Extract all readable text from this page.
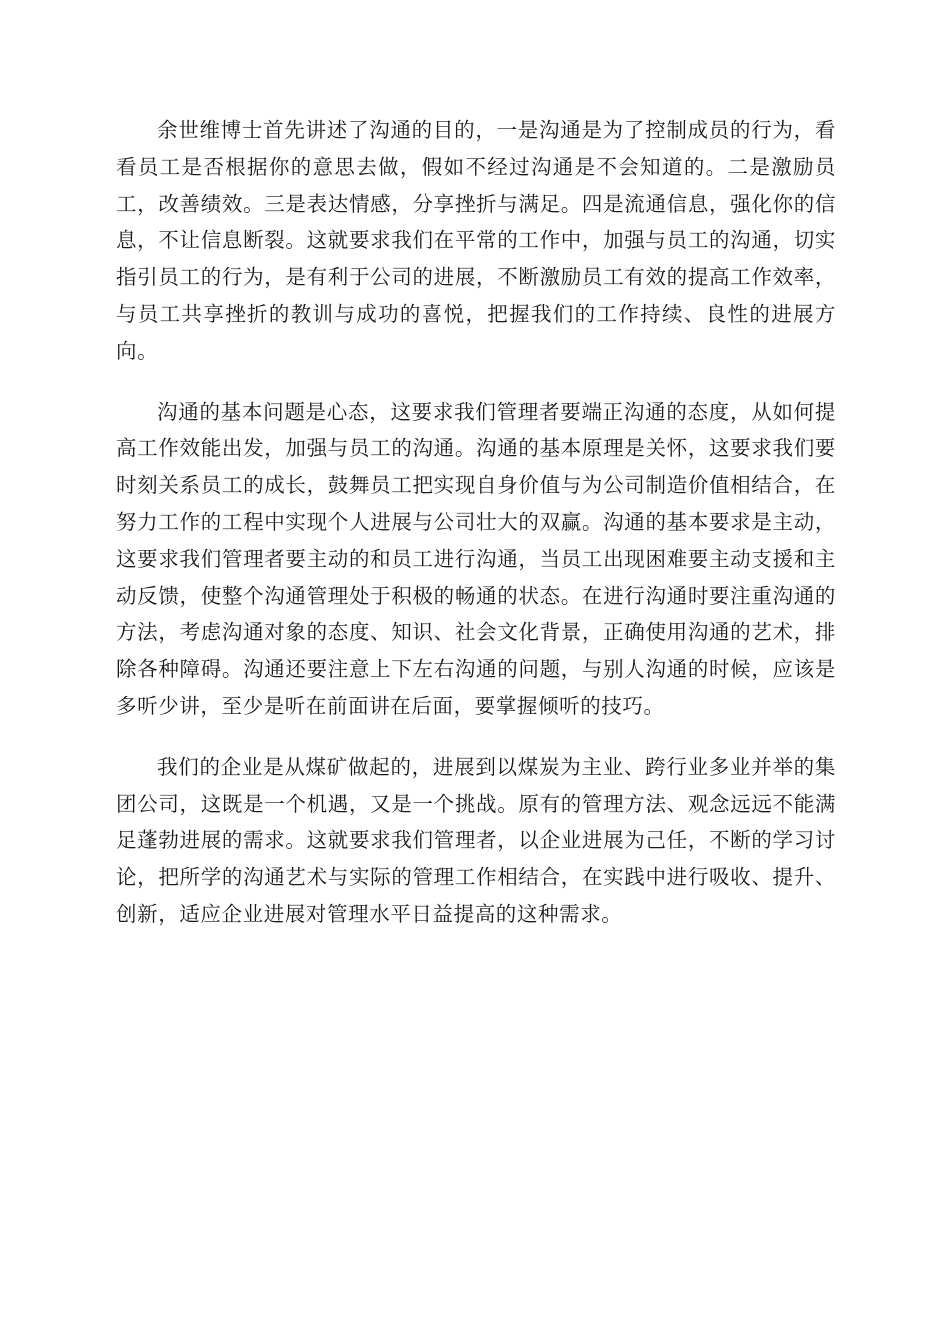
余世维博士首先讲述了沟通的目的，一是沟通是为了控制成员的行为，看看员工是否根据你的意思去做，假如不经过沟通是不会知道的。二是激励员工，改善绩效。三是表达情感，分享挫折与满足。四是流通信息，强化你的信息，不让信息断裂。这就要求我们在平常的工作中，加强与员工的沟通，切实指引员工的行为，是有利于公司的进展，不断激励员工有效的提高工作效率，与员工共享挫折的教训与成功的喜悦，把握我们的工作持续、良性的进展方向。

沟通的基本问题是心态，这要求我们管理者要端正沟通的态度，从如何提高工作效能出发，加强与员工的沟通。沟通的基本原理是关怀，这要求我们要时刻关系员工的成长，鼓舞员工把实现自身价值与为公司制造价值相结合，在努力工作的工程中实现个人进展与公司壮大的双赢。沟通的基本要求是主动，这要求我们管理者要主动的和员工进行沟通，当员工出现困难要主动支援和主动反馈，使整个沟通管理处于积极的畅通的状态。在进行沟通时要注重沟通的方法，考虑沟通对象的态度、知识、社会文化背景，正确使用沟通的艺术，排除各种障碍。沟通还要注意上下左右沟通的问题，与别人沟通的时候，应该是多听少讲，至少是听在前面讲在后面，要掌握倾听的技巧。

我们的企业是从煤矿做起的，进展到以煤炭为主业、跨行业多业并举的集团公司，这既是一个机遇，又是一个挑战。原有的管理方法、观念远远不能满足蓬勃进展的需求。这就要求我们管理者，以企业进展为己任，不断的学习讨论，把所学的沟通艺术与实际的管理工作相结合，在实践中进行吸收、提升、创新，适应企业进展对管理水平日益提高的这种需求。
